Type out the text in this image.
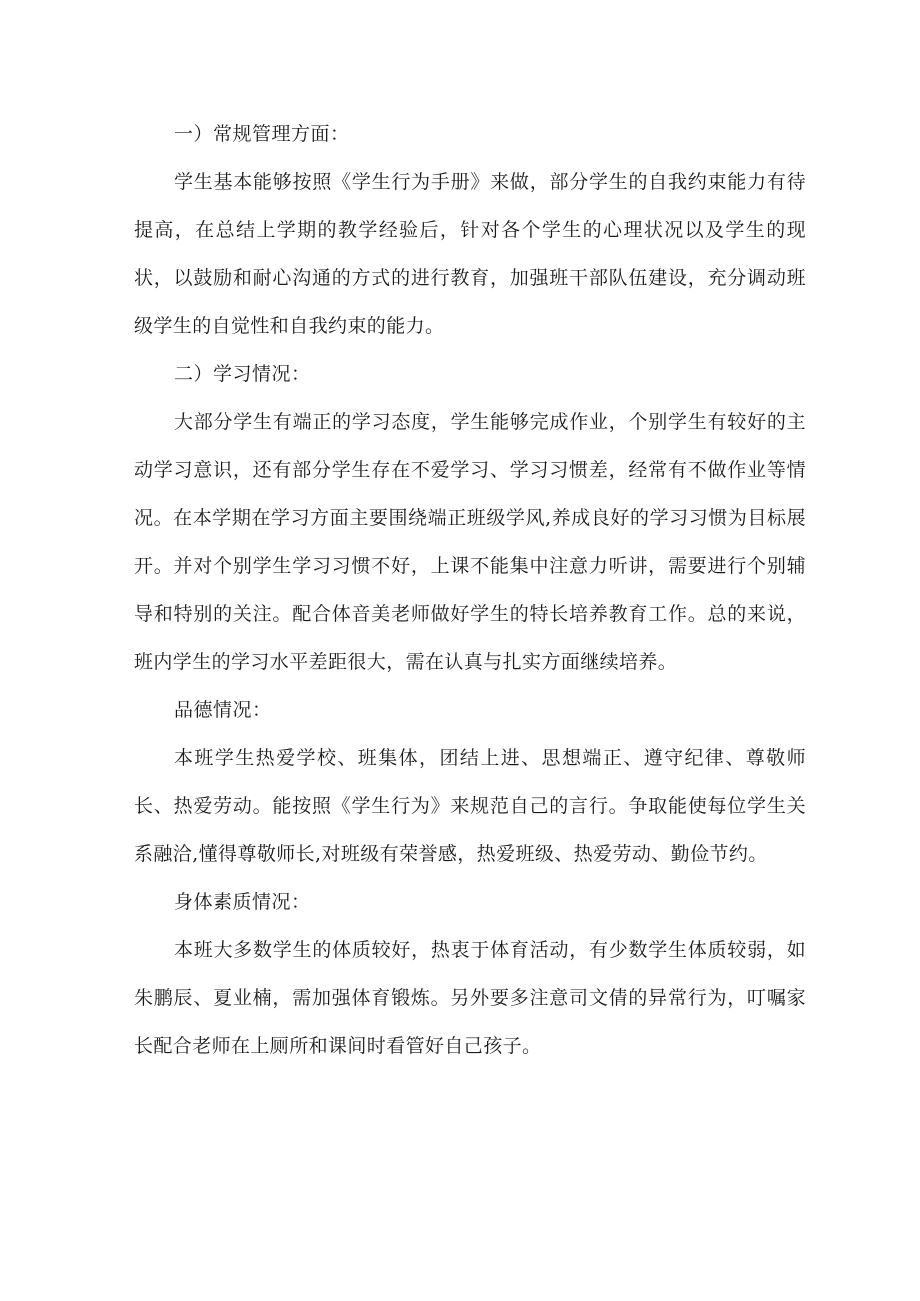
一）常规管理方面：

学生基本能够按照《学生行为手册》来做，部分学生的自我约束能力有待提高，在总结上学期的教学经验后，针对各个学生的心理状况以及学生的现状，以鼓励和耐心沟通的方式的进行教育，加强班干部队伍建设，充分调动班级学生的自觉性和自我约束的能力。

二）学习情况：

大部分学生有端正的学习态度，学生能够完成作业，个别学生有较好的主动学习意识，还有部分学生存在不爱学习、学习习惯差，经常有不做作业等情况。在本学期在学习方面主要围绕端正班级学风,养成良好的学习习惯为目标展开。并对个别学生学习习惯不好，上课不能集中注意力听讲，需要进行个别辅导和特别的关注。配合体音美老师做好学生的特长培养教育工作。总的来说，班内学生的学习水平差距很大，需在认真与扎实方面继续培养。

品德情况：

本班学生热爱学校、班集体，团结上进、思想端正、遵守纪律、尊敬师长、热爱劳动。能按照《学生行为》来规范自己的言行。争取能使每位学生关系融洽,懂得尊敬师长,对班级有荣誉感，热爱班级、热爱劳动、勤俭节约。

身体素质情况：

本班大多数学生的体质较好，热衷于体育活动，有少数学生体质较弱，如朱鹏辰、夏业楠，需加强体育锻炼。另外要多注意司文倩的异常行为，叮嘱家长配合老师在上厕所和课间时看管好自己孩子。
